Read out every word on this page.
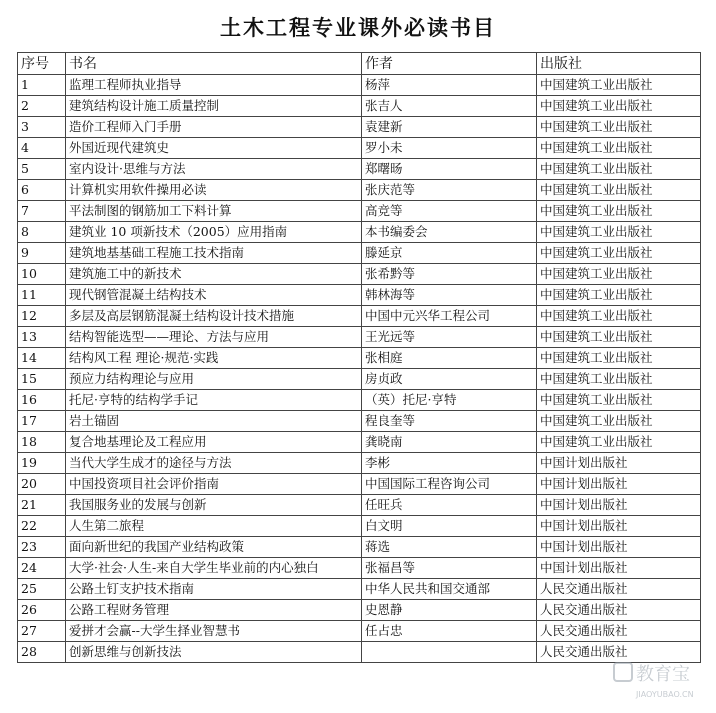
土木工程专业课外必读书目
序号	书名	作者	出版社
1	监理工程师执业指导	杨萍	中国建筑工业出版社
2	建筑结构设计施工质量控制	张吉人	中国建筑工业出版社
3	造价工程师入门手册	袁建新	中国建筑工业出版社
4	外国近现代建筑史	罗小未	中国建筑工业出版社
5	室内设计·思维与方法	郑曙旸	中国建筑工业出版社
6	计算机实用软件操用必读	张庆范等	中国建筑工业出版社
7	平法制图的钢筋加工下料计算	高竞等	中国建筑工业出版社
8	建筑业 10 项新技术（2005）应用指南	本书编委会	中国建筑工业出版社
9	建筑地基基础工程施工技术指南	滕延京	中国建筑工业出版社
10	建筑施工中的新技术	张希黔等	中国建筑工业出版社
11	现代钢管混凝土结构技术	韩林海等	中国建筑工业出版社
12	多层及高层钢筋混凝土结构设计技术措施	中国中元兴华工程公司	中国建筑工业出版社
13	结构智能选型——理论、方法与应用	王光远等	中国建筑工业出版社
14	结构风工程 理论·规范·实践	张相庭	中国建筑工业出版社
15	预应力结构理论与应用	房贞政	中国建筑工业出版社
16	托尼·亨特的结构学手记	（英）托尼·亨特	中国建筑工业出版社
17	岩土锚固	程良奎等	中国建筑工业出版社
18	复合地基理论及工程应用	龚晓南	中国建筑工业出版社
19	当代大学生成才的途径与方法	李彬	中国计划出版社
20	中国投资项目社会评价指南	中国国际工程咨询公司	中国计划出版社
21	我国服务业的发展与创新	任旺兵	中国计划出版社
22	人生第二旅程	白文明	中国计划出版社
23	面向新世纪的我国产业结构政策	蒋选	中国计划出版社
24	大学·社会·人生-来自大学生毕业前的内心独白	张福昌等	中国计划出版社
25	公路土钉支护技术指南	中华人民共和国交通部	人民交通出版社
26	公路工程财务管理	史恩静	人民交通出版社
27	爱拼才会赢--大学生择业智慧书	任占忠	人民交通出版社
28	创新思维与创新技法		人民交通出版社
教育宝
JIAOYUBAO.CN
